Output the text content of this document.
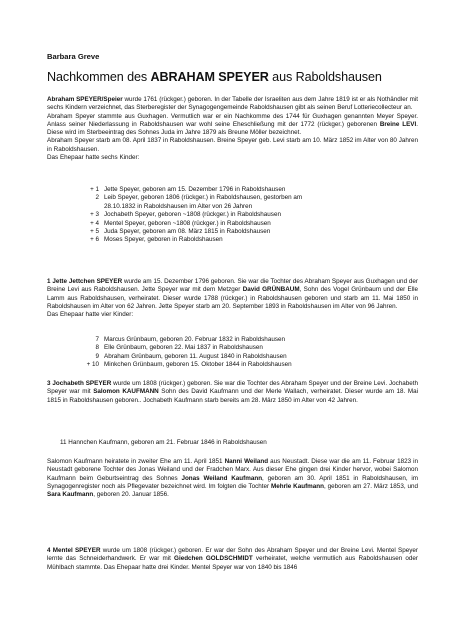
Barbara Greve
Nachkommen des ABRAHAM SPEYER aus Raboldshausen
Abraham SPEYER/Speier wurde 1761 (rückger.) geboren. In der Tabelle der Israeliten aus dem Jahre 1819 ist er als Nothändler mit sechs Kindern verzeichnet, das Sterberegister der Synagogengemeinde Raboldshausen gibt als seinen Beruf Lotteriecollecteur an.
Abraham Speyer stammte aus Guxhagen. Vermutlich war er ein Nachkomme des 1744 für Guxhagen genannten Meyer Speyer. Anlass seiner Niederlassung in Raboldshausen war wohl seine Eheschließung mit der 1772 (rückger.) geborenen Breine LEVI. Diese wird im Sterbeeintrag des Sohnes Juda im Jahre 1879 als Breune Möller bezeichnet.
Abraham Speyer starb am 08. April 1837 in Raboldshausen. Breine Speyer geb. Levi starb am 10. März 1852 im Alter von 80 Jahren in Raboldshausen.
Das Ehepaar hatte sechs Kinder:
+ 1 Jette Speyer, geboren am 15. Dezember 1796 in Raboldshausen
2 Leib Speyer, geboren 1806 (rückger.) in Raboldshausen, gestorben am
28.10.1832 in Raboldshausen im Alter von 26 Jahren
+ 3 Jochabeth Speyer, geboren ~1808 (rückger.) in Raboldshausen
+ 4 Mentel Speyer, geboren ~1808 (rückger.) in Raboldshausen
+ 5 Juda Speyer, geboren am 08. März 1815 in Raboldshausen
+ 6 Moses Speyer, geboren in Raboldshausen
1 Jette Jettchen SPEYER wurde am 15. Dezember 1796 geboren. Sie war die Tochter des Abraham Speyer aus Guxhagen und der Breine Levi aus Raboldshausen. Jette Speyer war mit dem Metzger David GRÜNBAUM, Sohn des Vogel Grünbaum und der Elle Lamm aus Raboldshausen, verheiratet. Dieser wurde 1788 (rückger.) in Raboldshausen geboren und starb am 11. Mai 1850 in Raboldshausen im Alter von 62 Jahren. Jette Speyer starb am 20. September 1893 in Raboldshausen im Alter von 96 Jahren.
Das Ehepaar hatte vier Kinder:
7 Marcus Grünbaum, geboren 20. Februar 1832 in Raboldshausen
8 Elle Grünbaum, geboren 22. Mai 1837 in Raboldshausen
9 Abraham Grünbaum, geboren 11. August 1840 in Raboldshausen
+ 10 Minkchen Grünbaum, geboren 15. Oktober 1844 in Raboldshausen
3 Jochabeth SPEYER wurde um 1808 (rückger.) geboren. Sie war die Tochter des Abraham Speyer und der Breine Levi. Jochabeth Speyer war mit Salomon KAUFMANN Sohn des David Kaufmann und der Merle Wallach, verheiratet. Dieser wurde am 18. Mai 1815 in Raboldshausen geboren.. Jochabeth Kaufmann starb bereits am 28. März 1850 im Alter von 42 Jahren.
11 Hannchen Kaufmann, geboren am 21. Februar 1846 in Raboldshausen
Salomon Kaufmann heiratete in zweiter Ehe am 11. April 1851 Nanni Weiland aus Neustadt. Diese war die am 11. Februar 1823 in Neustadt geborene Tochter des Jonas Weiland und der Fradchen Marx. Aus dieser Ehe gingen drei Kinder hervor, wobei Salomon Kaufmann beim Geburtseintrag des Sohnes Jonas Weiland Kaufmann, geboren am 30. April 1851 in Raboldshausen, im Synagogenregister noch als Pflegevater bezeichnet wird. Im folgten die Tochter Mehrle Kaufmann, geboren am 27. März 1853, und Sara Kaufmann, geboren 20. Januar 1856.
4 Mentel SPEYER wurde um 1808 (rückger.) geboren. Er war der Sohn des Abraham Speyer und der Breine Levi. Mentel Speyer lernte das Schneiderhandwerk. Er war mit Giedchen GOLDSCHMIDT verheiratet, welche vermutlich aus Raboldshausen oder Mühlbach stammte. Das Ehepaar hatte drei Kinder. Mentel Speyer war von 1840 bis 1846
